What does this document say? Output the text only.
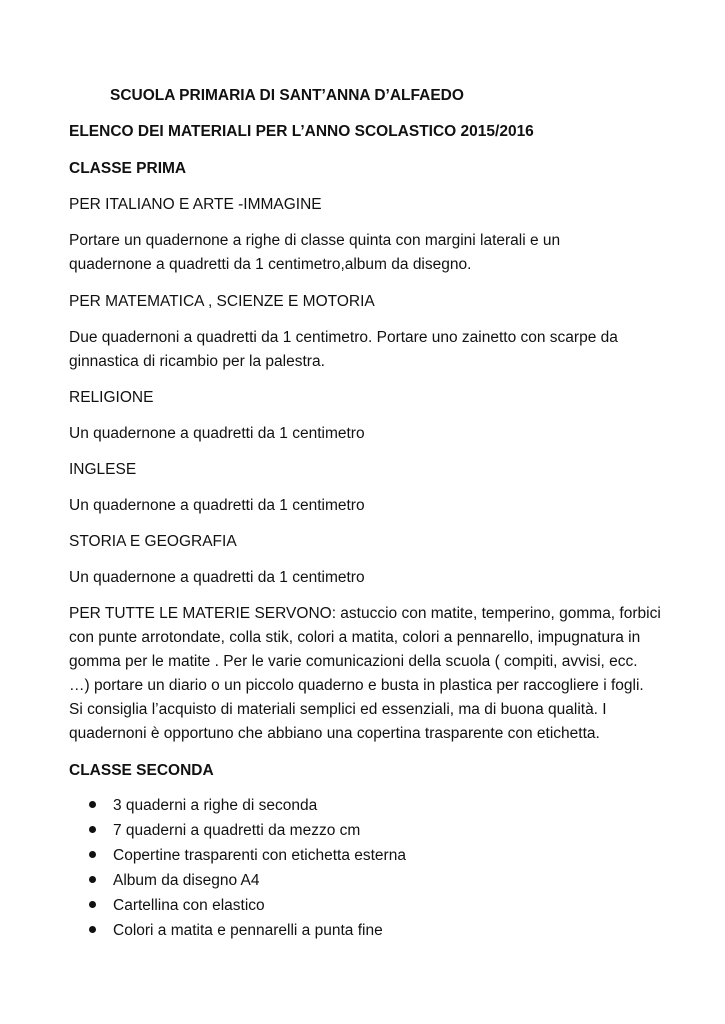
SCUOLA PRIMARIA DI SANT’ANNA D’ALFAEDO
ELENCO DEI MATERIALI PER L’ANNO SCOLASTICO 2015/2016
CLASSE PRIMA
PER ITALIANO E ARTE -IMMAGINE
Portare un quadernone a righe di classe quinta con margini laterali e un
quadernone a quadretti da 1 centimetro,album da disegno.
PER MATEMATICA , SCIENZE E MOTORIA
Due quadernoni a quadretti da 1 centimetro. Portare uno zainetto con scarpe da
ginnastica di ricambio per la palestra.
RELIGIONE
Un quadernone a quadretti da 1 centimetro
INGLESE
Un quadernone a quadretti da 1 centimetro
STORIA E GEOGRAFIA
Un quadernone a quadretti da 1 centimetro
PER TUTTE LE MATERIE SERVONO: astuccio con matite, temperino, gomma, forbici
con punte arrotondate, colla stik, colori a matita, colori a pennarello, impugnatura in
gomma per le matite . Per le varie comunicazioni della scuola ( compiti, avvisi, ecc.
…) portare un diario o un piccolo quaderno e busta in plastica per raccogliere i fogli.
Si consiglia l’acquisto di materiali semplici ed essenziali, ma di buona qualità. I
quadernoni è opportuno che abbiano una copertina trasparente con etichetta.
CLASSE SECONDA
3 quaderni a righe di seconda
7 quaderni a quadretti da mezzo cm
Copertine trasparenti con etichetta esterna
Album da disegno A4
Cartellina con elastico
Colori a matita e pennarelli a punta fine
